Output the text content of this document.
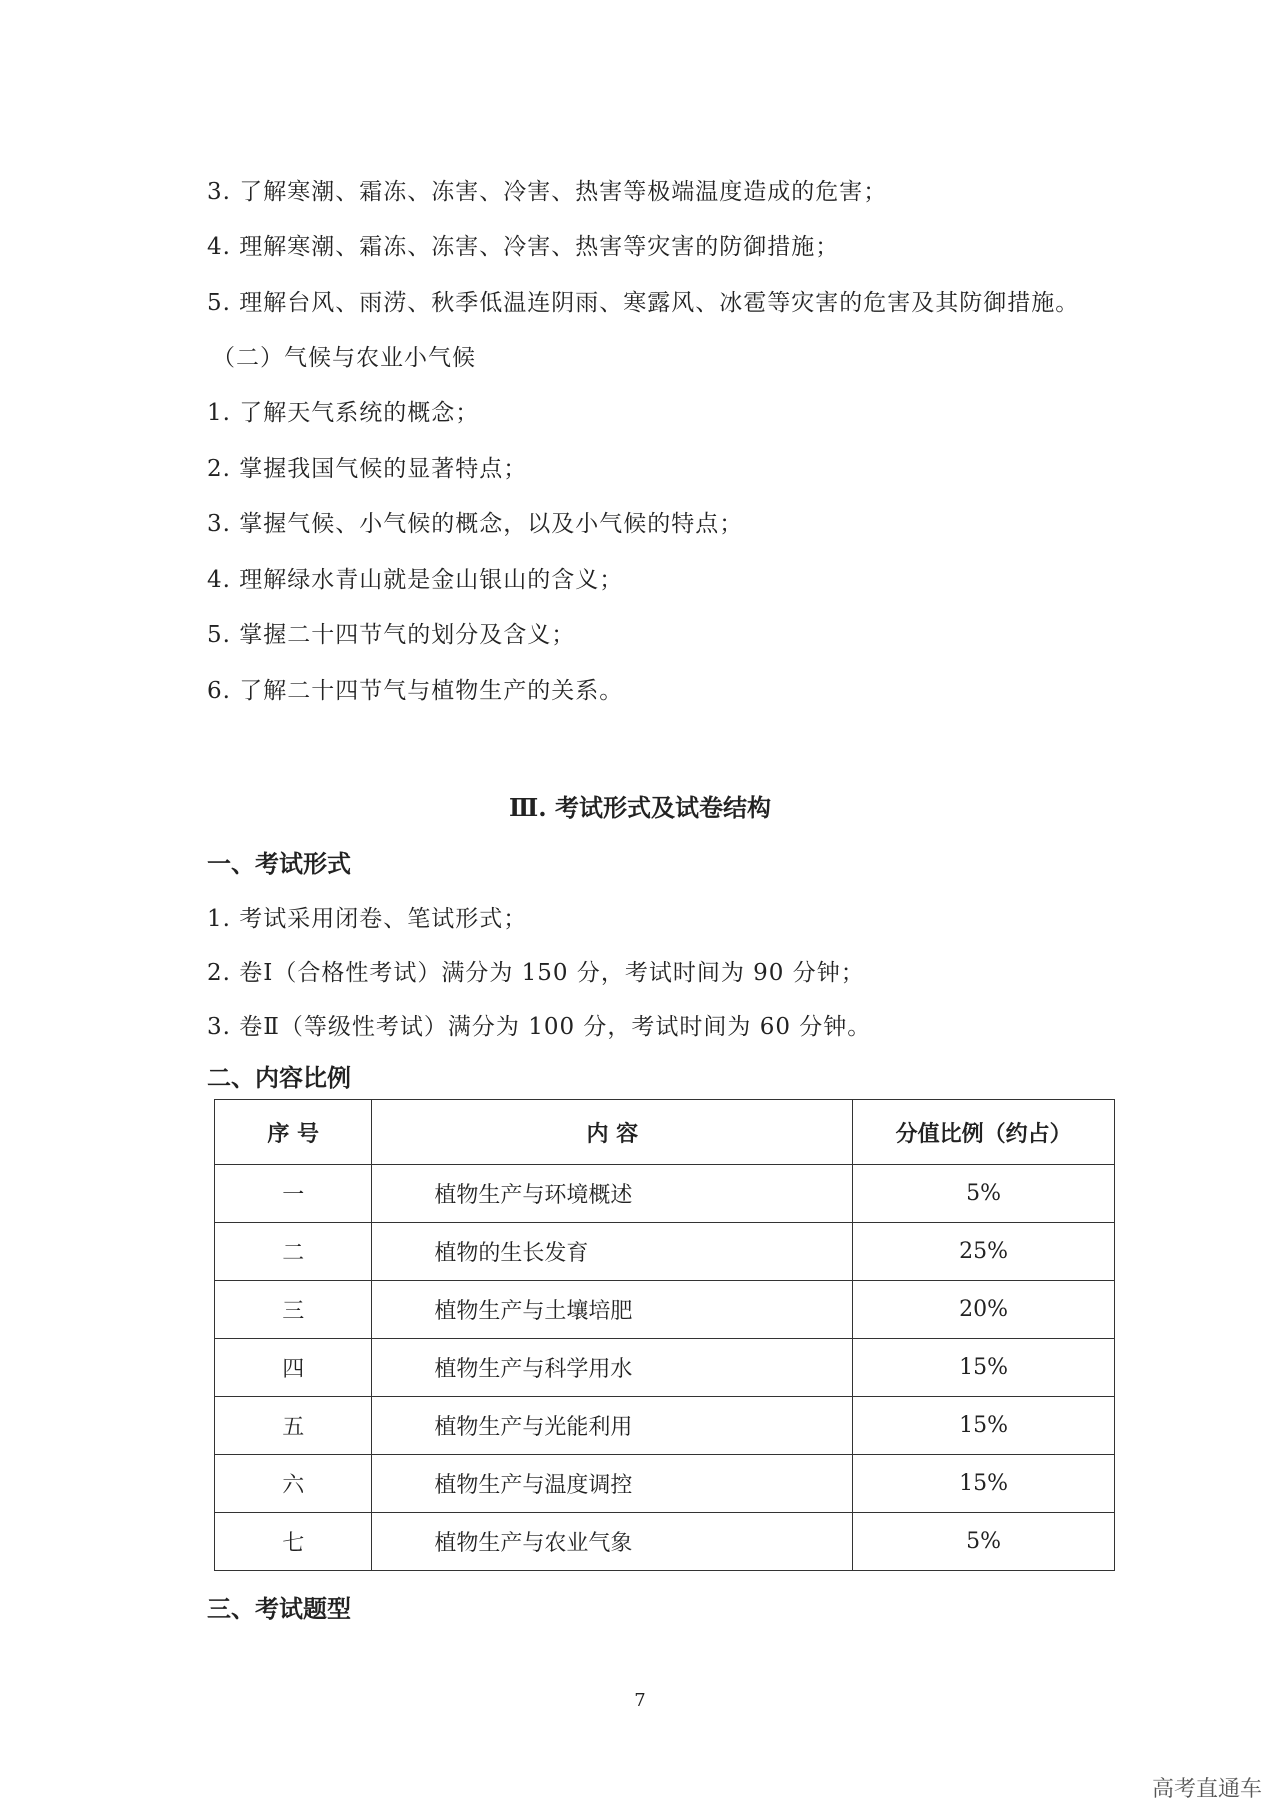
3. 了解寒潮、霜冻、冻害、冷害、热害等极端温度造成的危害；
4. 理解寒潮、霜冻、冻害、冷害、热害等灾害的防御措施；
5. 理解台风、雨涝、秋季低温连阴雨、寒露风、冰雹等灾害的危害及其防御措施。
（二）气候与农业小气候
1. 了解天气系统的概念；
2. 掌握我国气候的显著特点；
3. 掌握气候、小气候的概念，以及小气候的特点；
4. 理解绿水青山就是金山银山的含义；
5. 掌握二十四节气的划分及含义；
6. 了解二十四节气与植物生产的关系。
Ⅲ. 考试形式及试卷结构
一、考试形式
1. 考试采用闭卷、笔试形式；
2. 卷Ⅰ（合格性考试）满分为 150 分，考试时间为 90 分钟；
3. 卷Ⅱ（等级性考试）满分为 100 分，考试时间为 60 分钟。
二、内容比例
序 号	内 容	分值比例（约占）
一	植物生产与环境概述	5%
二	植物的生长发育	25%
三	植物生产与土壤培肥	20%
四	植物生产与科学用水	15%
五	植物生产与光能利用	15%
六	植物生产与温度调控	15%
七	植物生产与农业气象	5%
三、考试题型
7
高考直通车
